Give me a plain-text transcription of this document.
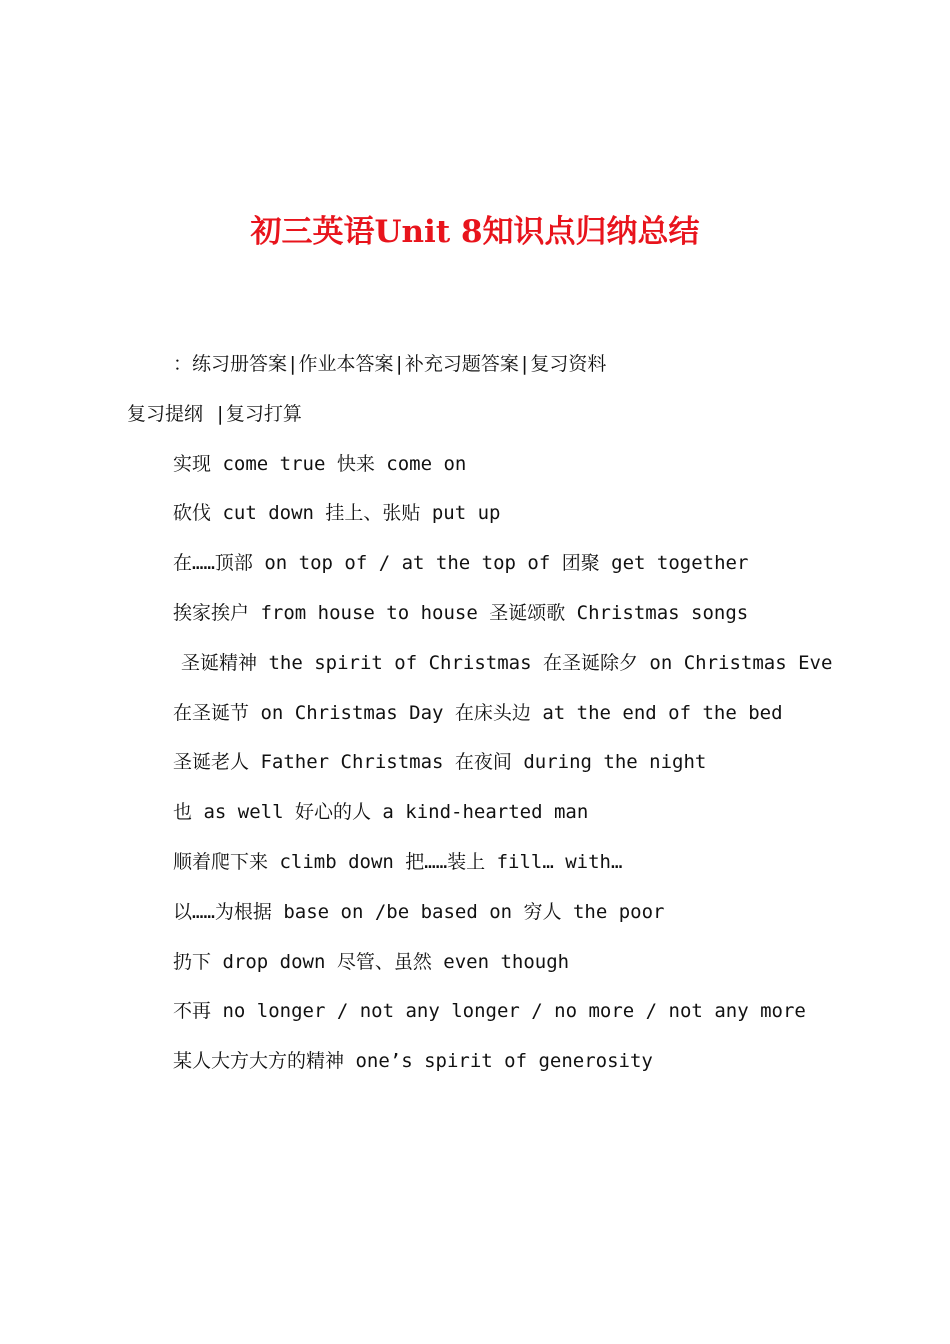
初三英语Unit 8知识点归纳总结

：练习册答案|作业本答案|补充习题答案|复习资料

复习提纲 |复习打算

实现 come true 快来 come on

砍伐 cut down 挂上、张贴 put up

在……顶部 on top of / at the top of 团聚 get together

挨家挨户 from house to house 圣诞颂歌 Christmas songs

圣诞精神 the spirit of Christmas 在圣诞除夕 on Christmas Eve

在圣诞节 on Christmas Day 在床头边 at the end of the bed

圣诞老人 Father Christmas 在夜间 during the night

也 as well 好心的人 a kind-hearted man

顺着爬下来 climb down 把……装上 fill… with…

以……为根据 base on /be based on 穷人 the poor

扔下 drop down 尽管、虽然 even though

不再 no longer / not any longer / no more / not any more

某人大方大方的精神 one’s spirit of generosity
